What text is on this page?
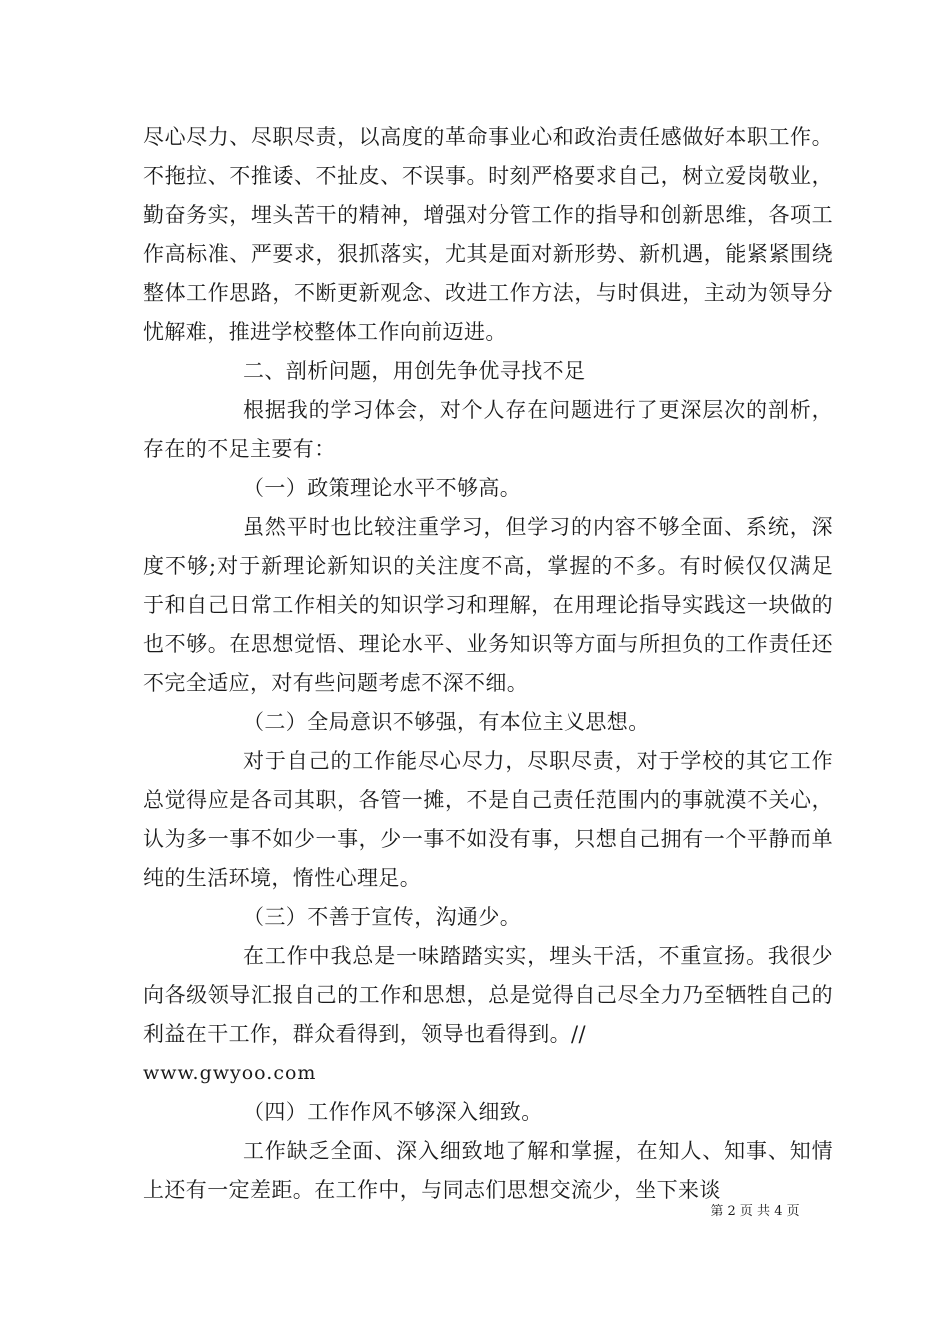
尽心尽力、尽职尽责，以高度的革命事业心和政治责任感做好本职工作。不拖拉、不推诿、不扯皮、不误事。时刻严格要求自己，树立爱岗敬业，勤奋务实，埋头苦干的精神，增强对分管工作的指导和创新思维，各项工作高标准、严要求，狠抓落实，尤其是面对新形势、新机遇，能紧紧围绕整体工作思路，不断更新观念、改进工作方法，与时俱进，主动为领导分忧解难，推进学校整体工作向前迈进。

二、剖析问题，用创先争优寻找不足

根据我的学习体会，对个人存在问题进行了更深层次的剖析，存在的不足主要有：

（一）政策理论水平不够高。

虽然平时也比较注重学习，但学习的内容不够全面、系统，深度不够;对于新理论新知识的关注度不高，掌握的不多。有时候仅仅满足于和自己日常工作相关的知识学习和理解，在用理论指导实践这一块做的也不够。在思想觉悟、理论水平、业务知识等方面与所担负的工作责任还不完全适应，对有些问题考虑不深不细。

（二）全局意识不够强，有本位主义思想。

对于自己的工作能尽心尽力，尽职尽责，对于学校的其它工作总觉得应是各司其职，各管一摊，不是自己责任范围内的事就漠不关心，认为多一事不如少一事，少一事不如没有事，只想自己拥有一个平静而单纯的生活环境，惰性心理足。

（三）不善于宣传，沟通少。

在工作中我总是一味踏踏实实，埋头干活，不重宣扬。我很少向各级领导汇报自己的工作和思想，总是觉得自己尽全力乃至牺牲自己的利益在干工作，群众看得到，领导也看得到。//

www.gwyoo.com

（四）工作作风不够深入细致。

工作缺乏全面、深入细致地了解和掌握，在知人、知事、知情上还有一定差距。在工作中，与同志们思想交流少，坐下来谈

第 2 页 共 4 页
